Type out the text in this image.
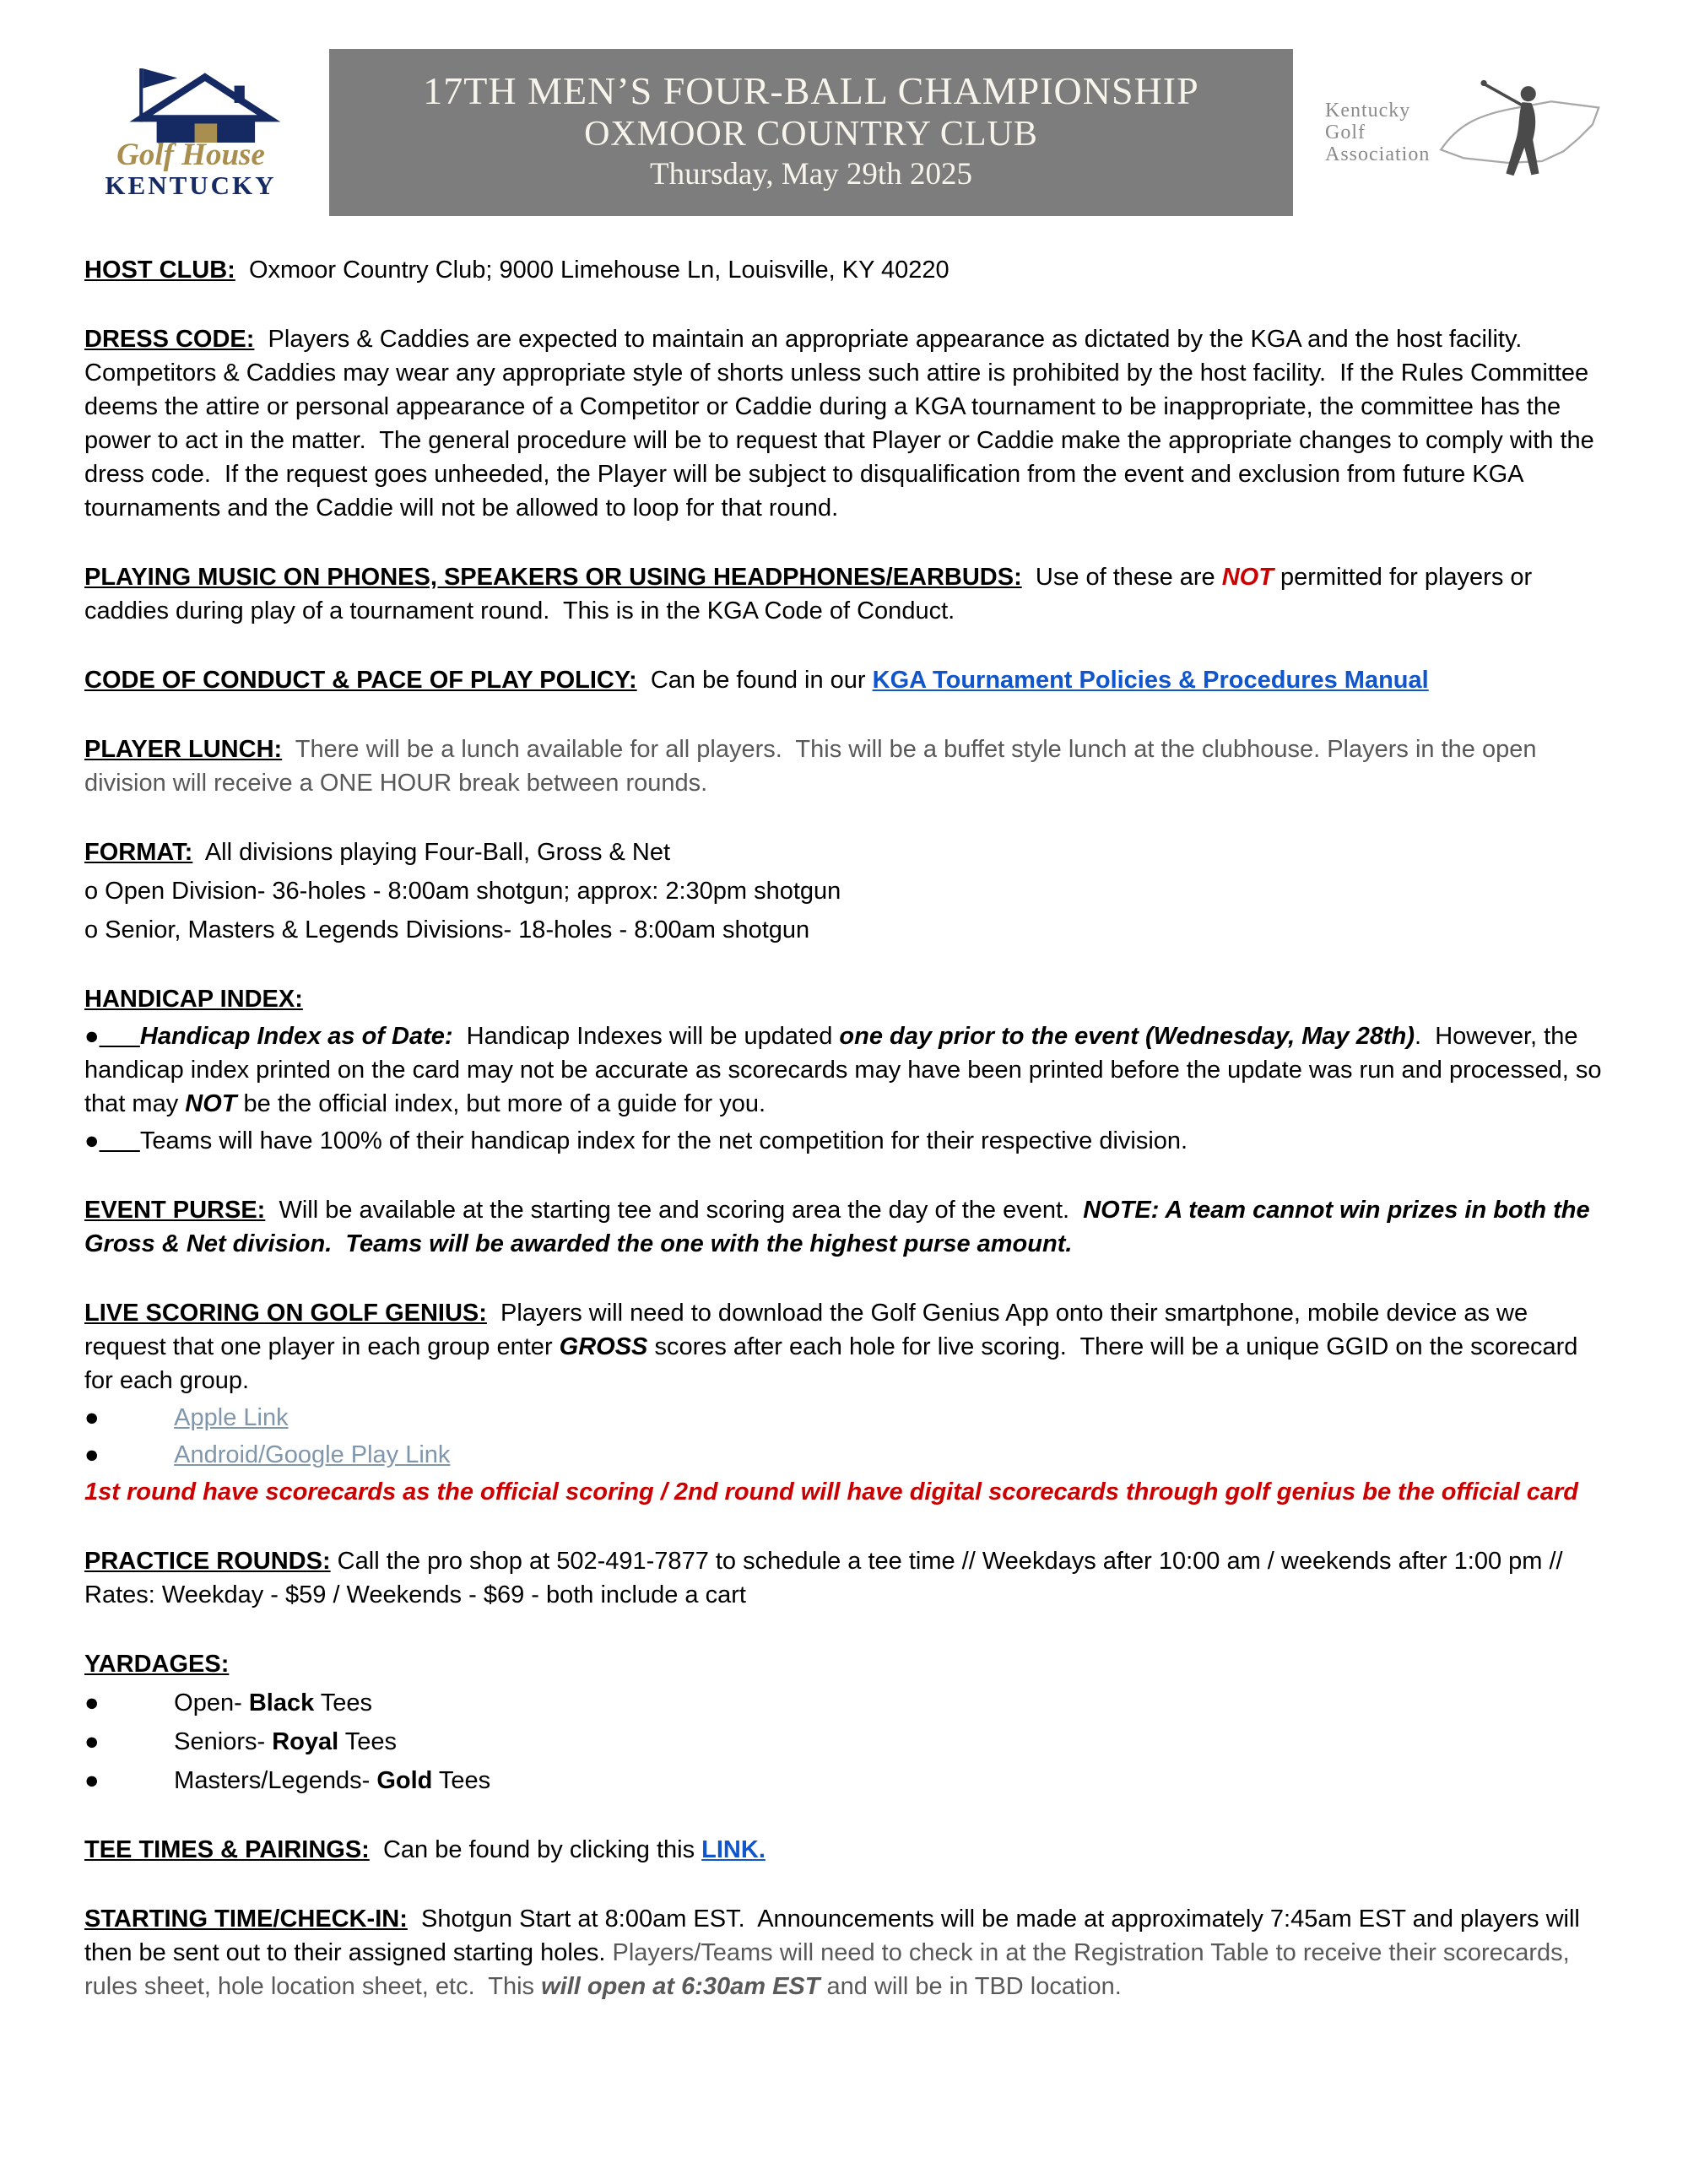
Golf House
KENTUCKY
17TH MEN’S FOUR-BALL CHAMPIONSHIP
OXMOOR COUNTRY CLUB
Thursday, May 29th 2025
Kentucky
Golf
Association
HOST CLUB:  Oxmoor Country Club; 9000 Limehouse Ln, Louisville, KY 40220
DRESS CODE:  Players & Caddies are expected to maintain an appropriate appearance as dictated by the KGA and the host facility.  Competitors & Caddies may wear any appropriate style of shorts unless such attire is prohibited by the host facility.  If the Rules Committee deems the attire or personal appearance of a Competitor or Caddie during a KGA tournament to be inappropriate, the committee has the power to act in the matter.  The general procedure will be to request that Player or Caddie make the appropriate changes to comply with the dress code.  If the request goes unheeded, the Player will be subject to disqualification from the event and exclusion from future KGA tournaments and the Caddie will not be allowed to loop for that round.
PLAYING MUSIC ON PHONES, SPEAKERS OR USING HEADPHONES/EARBUDS:  Use of these are NOT permitted for players or caddies during play of a tournament round.  This is in the KGA Code of Conduct.
CODE OF CONDUCT & PACE OF PLAY POLICY:  Can be found in our KGA Tournament Policies & Procedures Manual
PLAYER LUNCH:  There will be a lunch available for all players.  This will be a buffet style lunch at the clubhouse. Players in the open division will receive a ONE HOUR break between rounds.
FORMAT:  All divisions playing Four-Ball, Gross & Net
o Open Division- 36-holes - 8:00am shotgun; approx: 2:30pm shotgun
o Senior, Masters & Legends Divisions- 18-holes - 8:00am shotgun
HANDICAP INDEX:
● Handicap Index as of Date:  Handicap Indexes will be updated one day prior to the event (Wednesday, May 28th).  However, the handicap index printed on the card may not be accurate as scorecards may have been printed before the update was run and processed, so that may NOT be the official index, but more of a guide for you.
● Teams will have 100% of their handicap index for the net competition for their respective division.
EVENT PURSE:  Will be available at the starting tee and scoring area the day of the event.  NOTE: A team cannot win prizes in both the Gross & Net division.  Teams will be awarded the one with the highest purse amount.
LIVE SCORING ON GOLF GENIUS:  Players will need to download the Golf Genius App onto their smartphone, mobile device as we request that one player in each group enter GROSS scores after each hole for live scoring.  There will be a unique GGID on the scorecard for each group.
●	Apple Link
●	Android/Google Play Link
1st round have scorecards as the official scoring / 2nd round will have digital scorecards through golf genius be the official card
PRACTICE ROUNDS: Call the pro shop at 502-491-7877 to schedule a tee time // Weekdays after 10:00 am / weekends after 1:00 pm // Rates: Weekday - $59 / Weekends - $69 - both include a cart
YARDAGES:
●	Open- Black Tees
●	Seniors- Royal Tees
●	Masters/Legends- Gold Tees
TEE TIMES & PAIRINGS:  Can be found by clicking this LINK.
STARTING TIME/CHECK-IN:  Shotgun Start at 8:00am EST.  Announcements will be made at approximately 7:45am EST and players will then be sent out to their assigned starting holes. Players/Teams will need to check in at the Registration Table to receive their scorecards, rules sheet, hole location sheet, etc.  This will open at 6:30am EST and will be in TBD location.
